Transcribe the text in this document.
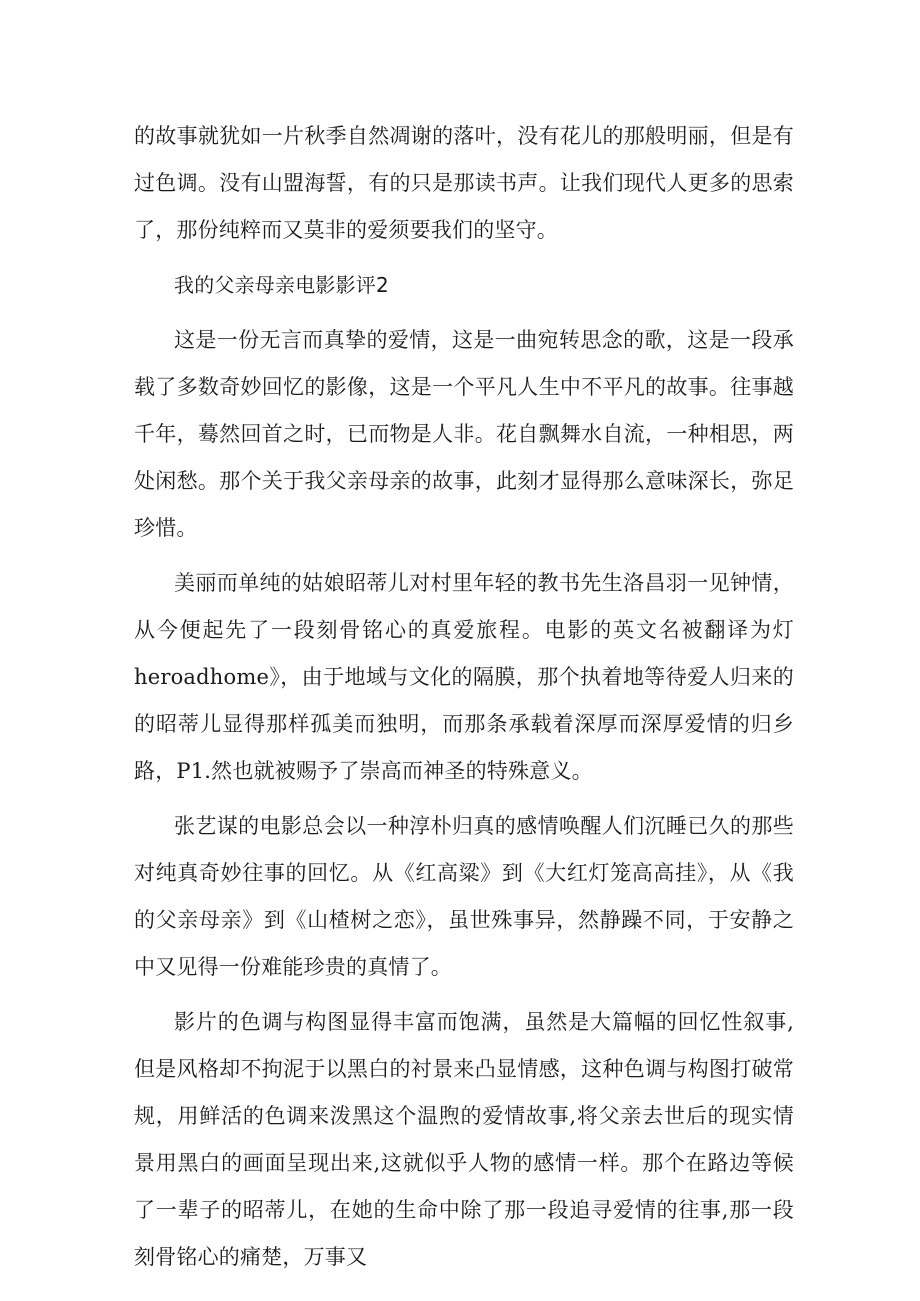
的故事就犹如一片秋季自然凋谢的落叶，没有花儿的那般明丽，但是有过色调。没有山盟海誓，有的只是那读书声。让我们现代人更多的思索了，那份纯粹而又莫非的爱须要我们的坚守。

我的父亲母亲电影影评2

这是一份无言而真挚的爱情，这是一曲宛转思念的歌，这是一段承载了多数奇妙回忆的影像，这是一个平凡人生中不平凡的故事。往事越千年，蓦然回首之时，已而物是人非。花自飘舞水自流，一种相思，两处闲愁。那个关于我父亲母亲的故事，此刻才显得那么意味深长，弥足珍惜。

美丽而单纯的姑娘昭蒂儿对村里年轻的教书先生洛昌羽一见钟情，从今便起先了一段刻骨铭心的真爱旅程。电影的英文名被翻译为灯heroadhome》，由于地域与文化的隔膜，那个执着地等待爱人归来的的昭蒂儿显得那样孤美而独明，而那条承载着深厚而深厚爱情的归乡路，P1.然也就被赐予了崇高而神圣的特殊意义。

张艺谋的电影总会以一种淳朴归真的感情唤醒人们沉睡已久的那些对纯真奇妙往事的回忆。从《红高粱》到《大红灯笼高高挂》，从《我的父亲母亲》到《山楂树之恋》，虽世殊事异，然静躁不同，于安静之中又见得一份难能珍贵的真情了。

影片的色调与构图显得丰富而饱满，虽然是大篇幅的回忆性叙事,但是风格却不拘泥于以黑白的衬景来凸显情感，这种色调与构图打破常规，用鲜活的色调来泼黑这个温煦的爱情故事,将父亲去世后的现实情景用黑白的画面呈现出来,这就似乎人物的感情一样。那个在路边等候了一辈子的昭蒂儿，在她的生命中除了那一段追寻爱情的往事,那一段刻骨铭心的痛楚，万事又
